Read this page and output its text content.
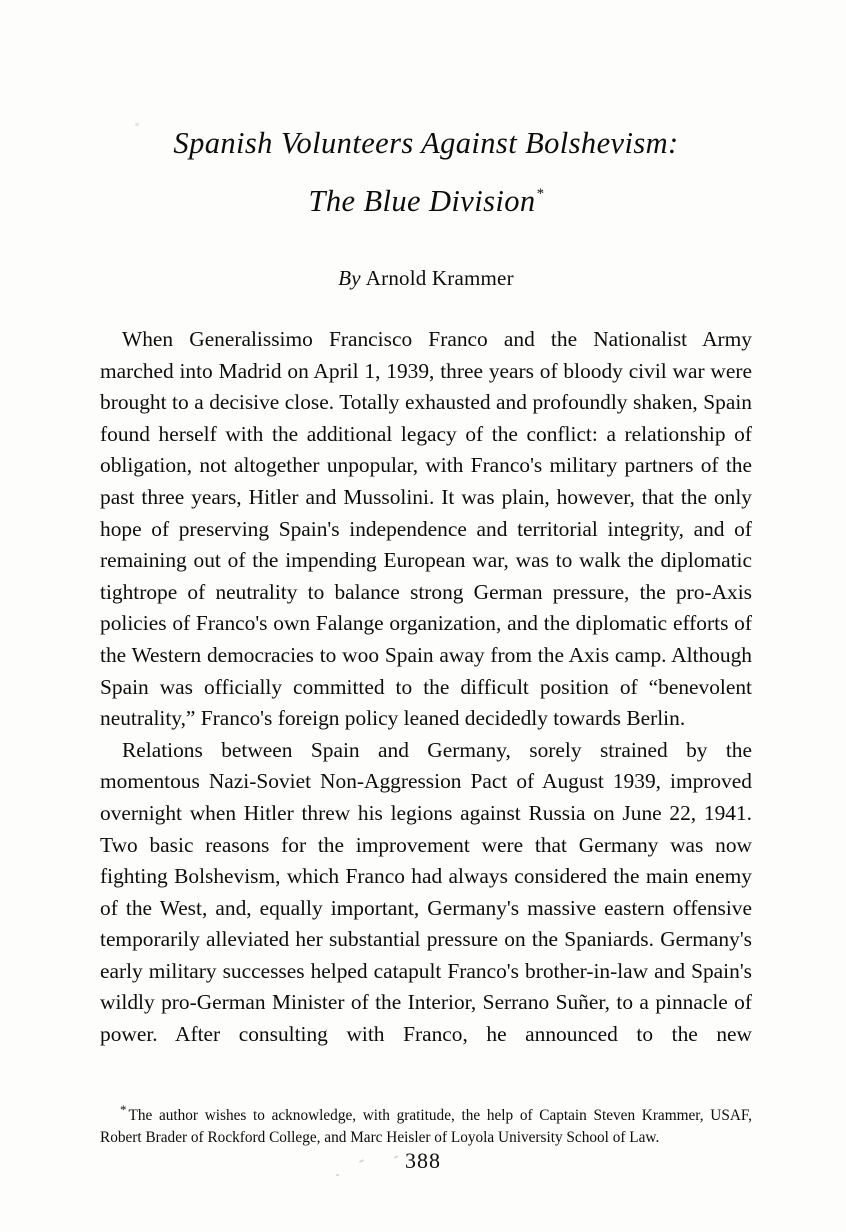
Spanish Volunteers Against Bolshevism:
The Blue Division*
By Arnold Krammer

When Generalissimo Francisco Franco and the Nationalist Army marched into Madrid on April 1, 1939, three years of bloody civil war were brought to a decisive close. Totally exhausted and profoundly shaken, Spain found herself with the additional legacy of the conflict: a relationship of obligation, not altogether unpopular, with Franco's military partners of the past three years, Hitler and Mussolini. It was plain, however, that the only hope of preserving Spain's independence and territorial integrity, and of remaining out of the impending European war, was to walk the diplomatic tightrope of neutrality to balance strong German pressure, the pro-Axis policies of Franco's own Falange organization, and the diplomatic efforts of the Western democracies to woo Spain away from the Axis camp. Although Spain was officially committed to the difficult position of “benevolent neutrality,” Franco's foreign policy leaned decidedly towards Berlin.

Relations between Spain and Germany, sorely strained by the momentous Nazi-Soviet Non-Aggression Pact of August 1939, improved overnight when Hitler threw his legions against Russia on June 22, 1941. Two basic reasons for the improvement were that Germany was now fighting Bolshevism, which Franco had always considered the main enemy of the West, and, equally important, Germany's massive eastern offensive temporarily alleviated her substantial pressure on the Spaniards. Germany's early military successes helped catapult Franco's brother-in-law and Spain's wildly pro-German Minister of the Interior, Serrano Suñer, to a pinnacle of power. After consulting with Franco, he announced to the new

* The author wishes to acknowledge, with gratitude, the help of Captain Steven Krammer, USAF, Robert Brader of Rockford College, and Marc Heisler of Loyola University School of Law.

388
